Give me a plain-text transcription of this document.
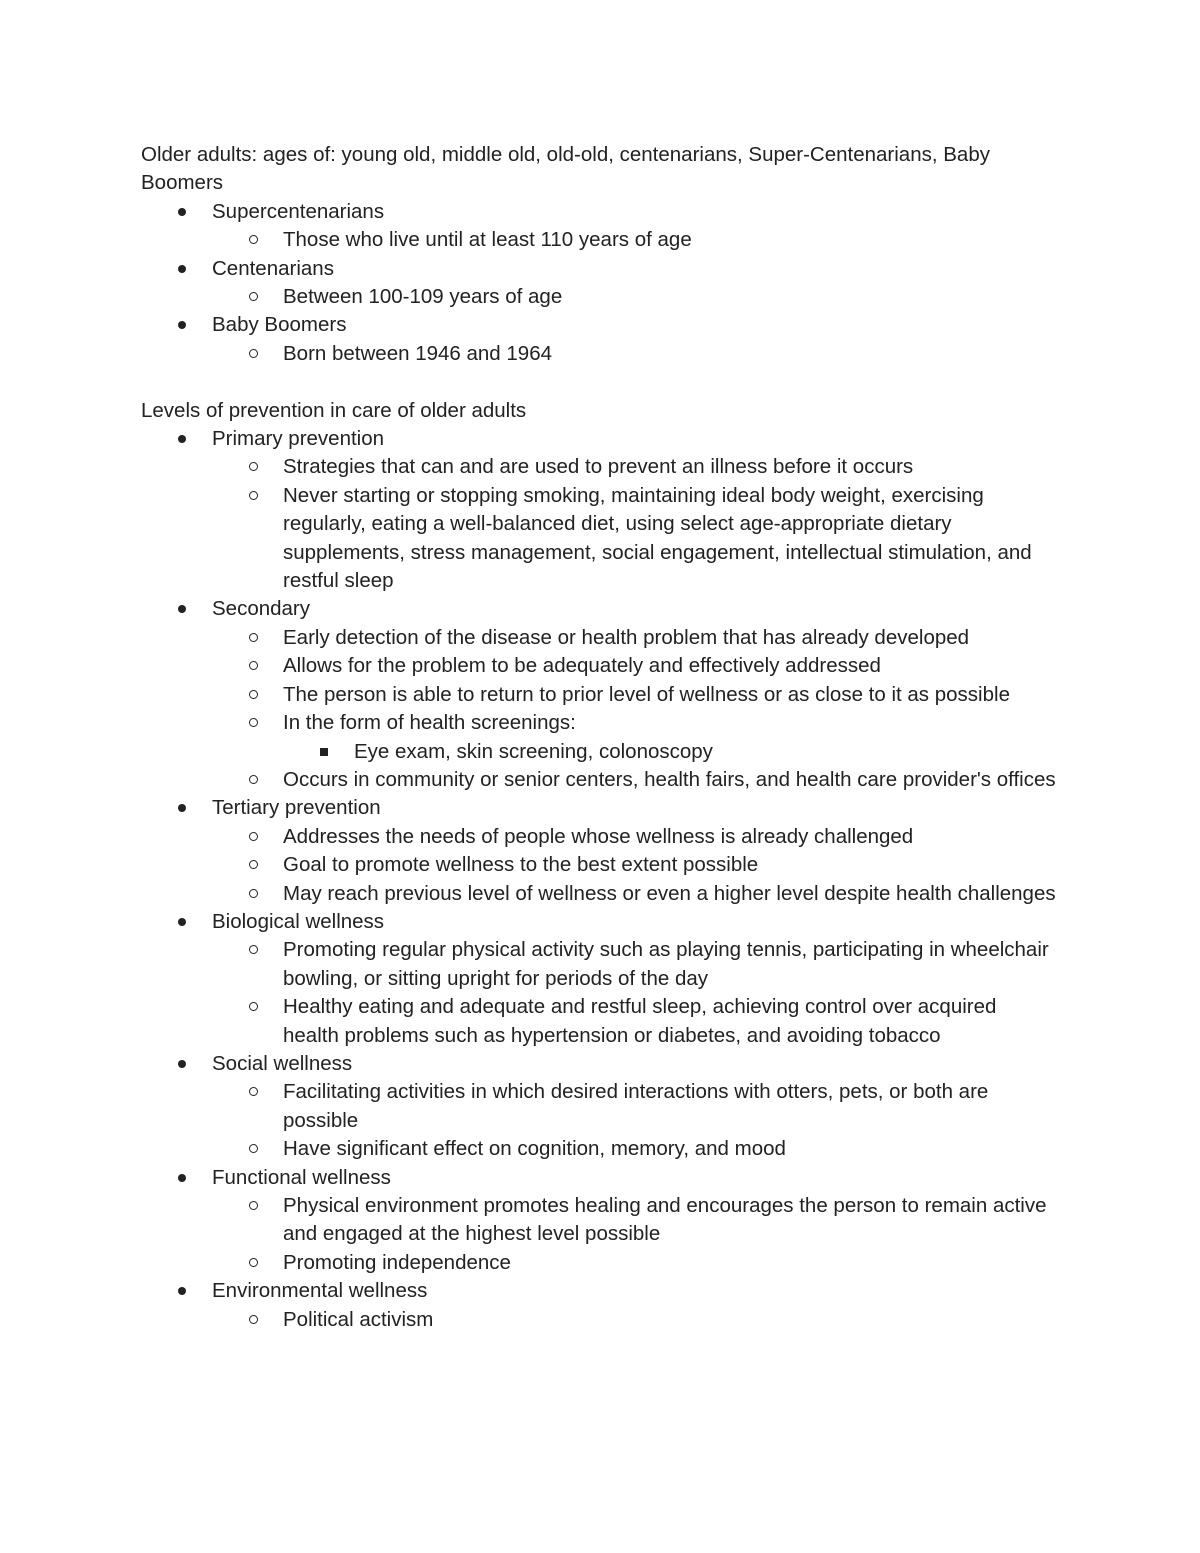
Older adults: ages of: young old, middle old, old-old, centenarians, Super-Centenarians, Baby Boomers

Supercentenarians
Those who live until at least 110 years of age
Centenarians
Between 100-109 years of age
Baby Boomers
Born between 1946 and 1964

Levels of prevention in care of older adults

Primary prevention
Strategies that can and are used to prevent an illness before it occurs
Never starting or stopping smoking, maintaining ideal body weight, exercising regularly, eating a well-balanced diet, using select age-appropriate dietary supplements, stress management, social engagement, intellectual stimulation, and restful sleep
Secondary
Early detection of the disease or health problem that has already developed
Allows for the problem to be adequately and effectively addressed
The person is able to return to prior level of wellness or as close to it as possible
In the form of health screenings:
Eye exam, skin screening, colonoscopy
Occurs in community or senior centers, health fairs, and health care provider's offices
Tertiary prevention
Addresses the needs of people whose wellness is already challenged
Goal to promote wellness to the best extent possible
May reach previous level of wellness or even a higher level despite health challenges
Biological wellness
Promoting regular physical activity such as playing tennis, participating in wheelchair bowling, or sitting upright for periods of the day
Healthy eating and adequate and restful sleep, achieving control over acquired health problems such as hypertension or diabetes, and avoiding tobacco
Social wellness
Facilitating activities in which desired interactions with otters, pets, or both are possible
Have significant effect on cognition, memory, and mood
Functional wellness
Physical environment promotes healing and encourages the person to remain active and engaged at the highest level possible
Promoting independence
Environmental wellness
Political activism
